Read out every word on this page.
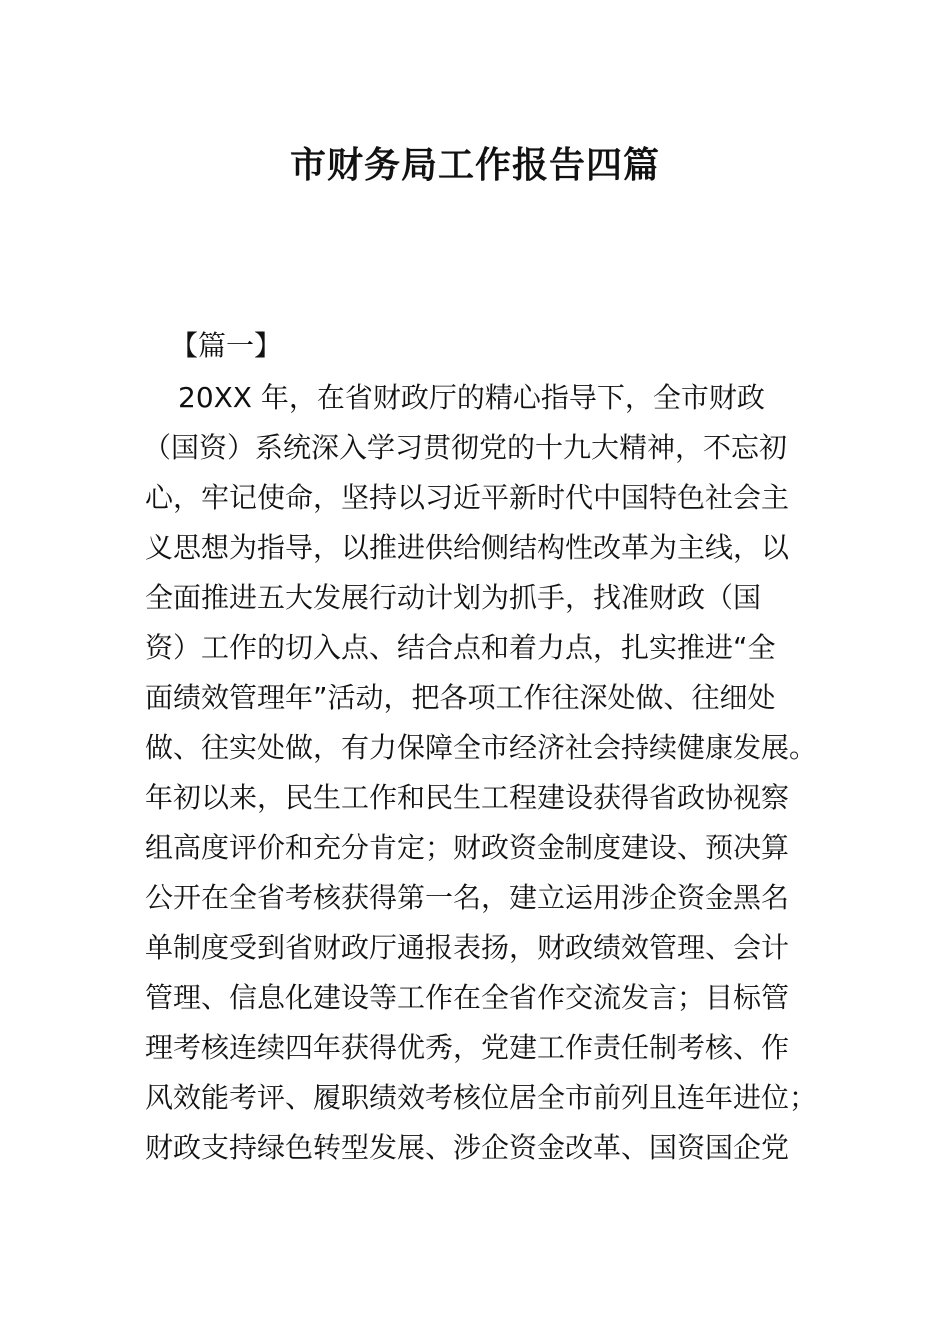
市财务局工作报告四篇
【篇一】
20XX 年，在省财政厅的精心指导下，全市财政
（国资）系统深入学习贯彻党的十九大精神，不忘初
心，牢记使命，坚持以习近平新时代中国特色社会主
义思想为指导，以推进供给侧结构性改革为主线，以
全面推进五大发展行动计划为抓手，找准财政（国
资）工作的切入点、结合点和着力点，扎实推进“全
面绩效管理年”活动，把各项工作往深处做、往细处
做、往实处做，有力保障全市经济社会持续健康发展。
年初以来，民生工作和民生工程建设获得省政协视察
组高度评价和充分肯定；财政资金制度建设、预决算
公开在全省考核获得第一名，建立运用涉企资金黑名
单制度受到省财政厅通报表扬，财政绩效管理、会计
管理、信息化建设等工作在全省作交流发言；目标管
理考核连续四年获得优秀，党建工作责任制考核、作
风效能考评、履职绩效考核位居全市前列且连年进位；
财政支持绿色转型发展、涉企资金改革、国资国企党
